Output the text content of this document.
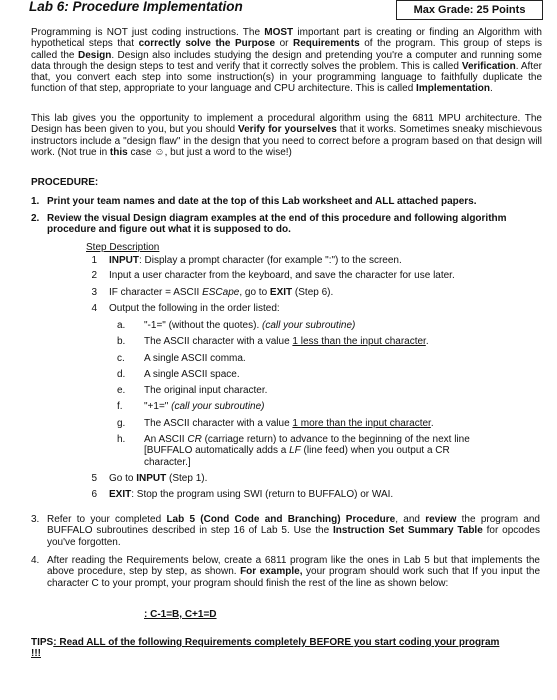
Lab 6: Procedure Implementation	Max Grade: 25 Points
Programming is NOT just coding instructions. The MOST important part is creating or finding an Algorithm with hypothetical steps that correctly solve the Purpose or Requirements of the program. This group of steps is called the Design. Design also includes studying the design and pretending you're a computer and running some data through the design steps to test and verify that it correctly solves the problem. This is called Verification. After that, you convert each step into some instruction(s) in your programming language to faithfully duplicate the function of that step, appropriate to your language and CPU architecture. This is called Implementation.
This lab gives you the opportunity to implement a procedural algorithm using the 6811 MPU architecture. The Design has been given to you, but you should Verify for yourselves that it works. Sometimes sneaky mischievous instructors include a "design flaw" in the design that you need to correct before a program based on that design will work. (Not true in this case ☺, but just a word to the wise!)
PROCEDURE:
1. Print your team names and date at the top of this Lab worksheet and ALL attached papers.
2. Review the visual Design diagram examples at the end of this procedure and following algorithm procedure and figure out what it is supposed to do.
Step Description
1 INPUT: Display a prompt character (for example ":") to the screen.
2 Input a user character from the keyboard, and save the character for use later.
3 IF character = ASCII ESCape, go to EXIT (Step 6).
4 Output the following in the order listed:
a. "-1=" (without the quotes). (call your subroutine)
b. The ASCII character with a value 1 less than the input character.
c. A single ASCII comma.
d. A single ASCII space.
e. The original input character.
f. "+1=" (call your subroutine)
g. The ASCII character with a value 1 more than the input character.
h. An ASCII CR (carriage return) to advance to the beginning of the next line [BUFFALO automatically adds a LF (line feed) when you output a CR character.]
5 Go to INPUT (Step 1).
6 EXIT: Stop the program using SWI (return to BUFFALO) or WAI.
3. Refer to your completed Lab 5 (Cond Code and Branching) Procedure, and review the program and BUFFALO subroutines described in step 16 of Lab 5. Use the Instruction Set Summary Table for opcodes you've forgotten.
4. After reading the Requirements below, create a 6811 program like the ones in Lab 5 but that implements the above procedure, step by step, as shown. For example, your program should work such that If you input the character C to your prompt, your program should finish the rest of the line as shown below:
: C-1=B, C+1=D
TIPS: Read ALL of the following Requirements completely BEFORE you start coding your program !!!
